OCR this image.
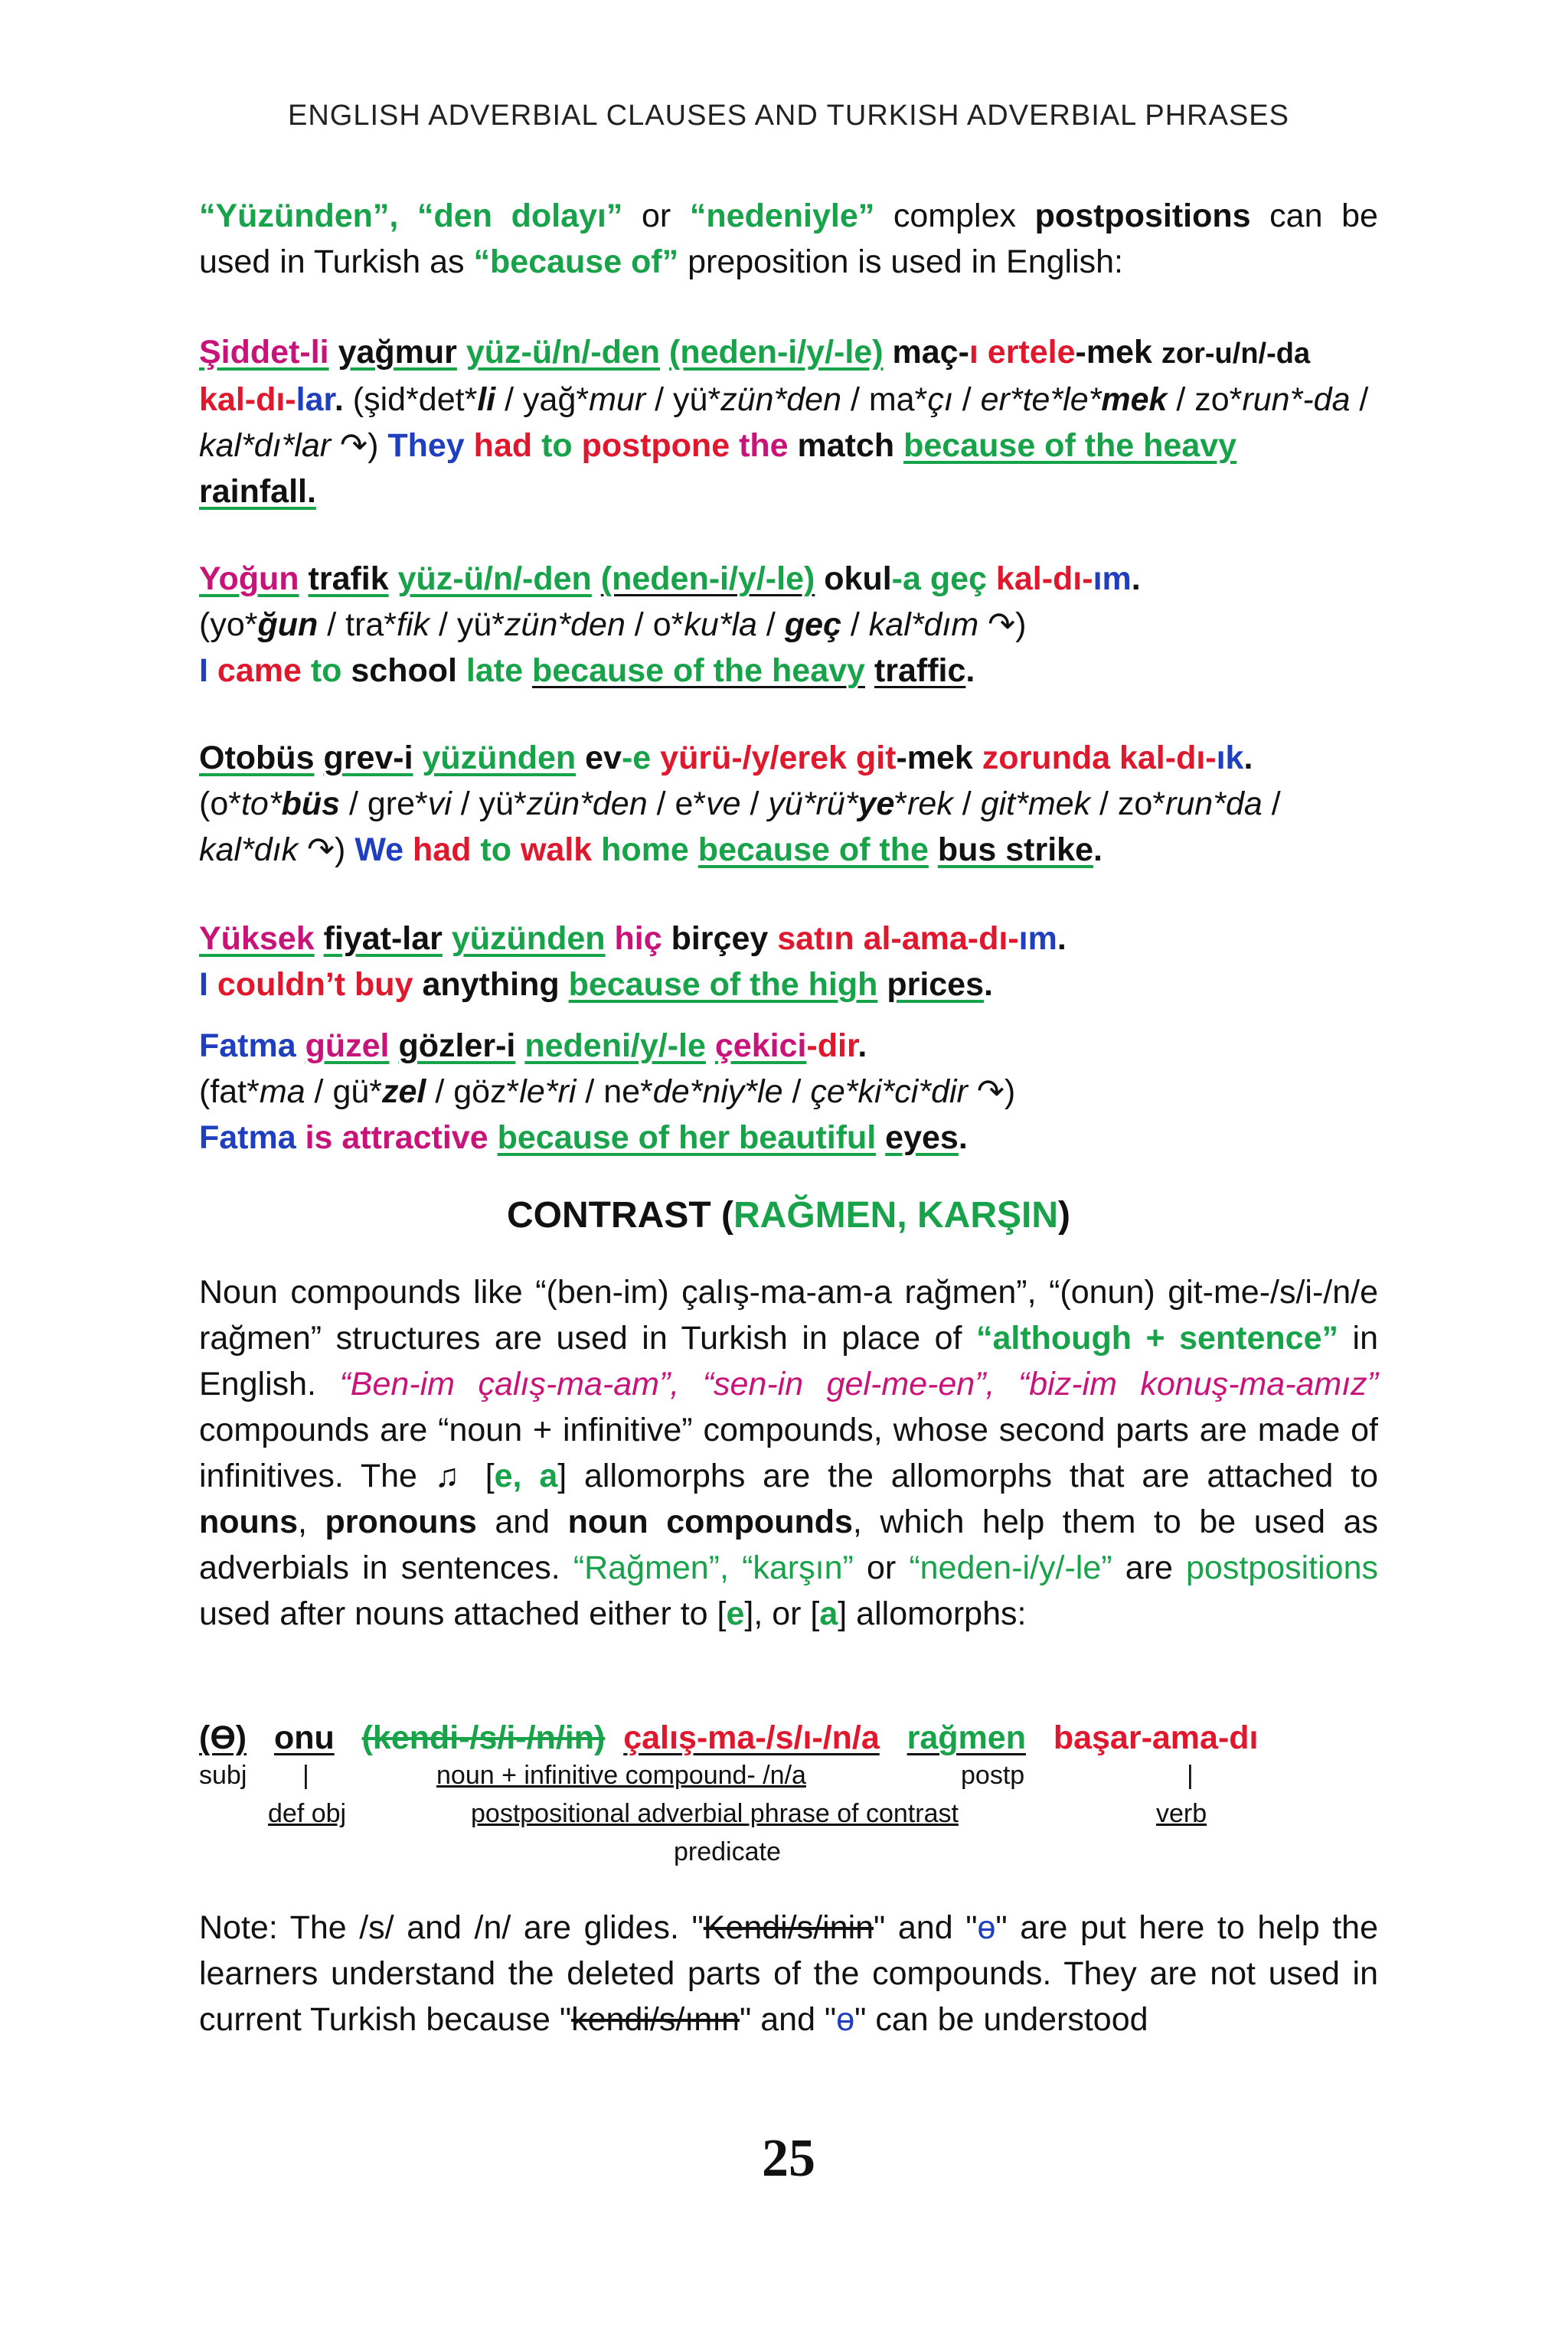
ENGLISH ADVERBIAL CLAUSES AND TURKISH ADVERBIAL PHRASES
“Yüzünden”, “den dolayı” or “nedeniyle” complex postpositions can be used in Turkish as “because of” preposition is used in English:
Şiddet-li yağmur yüz-ü/n/-den (neden-i/y/-le) maç-ı ertele-mek zor-u/n/-da
kal-dı-lar. (şid*det*li / yağ*mur / yü*zün*den / ma*çı / er*te*le*mek / zo*run*-da / kal*dı*lar ↷) They had to postpone the match because of the heavy
rainfall.
Yoğun trafik yüz-ü/n/-den (neden-i/y/-le) okul-a geç kal-dı-ım.
(yo*ğun / tra*fik / yü*zün*den / o*ku*la / geç / kal*dım ↷)
I came to school late because of the heavy traffic.
Otobüs grev-i yüzünden ev-e yürü-/y/erek git-mek zorunda kal-dı-ık.
(o*to*büs / gre*vi / yü*zün*den / e*ve / yü*rü*ye*rek / git*mek / zo*run*da /
kal*dık ↷) We had to walk home because of the bus strike.
Yüksek fiyat-lar yüzünden hiç birçey satın al-ama-dı-ım.
I couldn’t buy anything because of the high prices.
Fatma güzel gözler-i nedeni/y/-le çekici-dir.
(fat*ma / gü*zel / göz*le*ri / ne*de*niy*le / çe*ki*ci*dir ↷)
Fatma is attractive because of her beautiful eyes.
CONTRAST (RAĞMEN, KARŞIN)
Noun compounds like “(ben-im) çalış-ma-am-a rağmen”, “(onun) git-me-/s/i-/n/e rağmen” structures are used in Turkish in place of “although + sentence” in English. “Ben-im çalış-ma-am”, “sen-in gel-me-en”, “biz-im konuş-ma-amız” compounds are “noun + infinitive” compounds, whose second parts are made of infinitives. The ♫ [e, a] allomorphs are the allomorphs that are attached to nouns, pronouns and noun compounds, which help them to be used as adverbials in sentences. “Rağmen”, “karşın” or “neden-i/y/-le” are postpositions used after nouns attached either to [e], or [a] allomorphs:
(Ɵ) onu (kendi-/s/i-/n/in) çalış-ma-/s/ı-/n/a rağmen başar-ama-dı
subj |	noun + infinitive compound- /n/a	postp	|
def obj	postpositional adverbial phrase of contrast	verb
predicate
Note: The /s/ and /n/ are glides. "Kendi/s/inin" and "ɵ" are put here to help the learners understand the deleted parts of the compounds. They are not used in current Turkish because "kendi/s/ının" and "ɵ" can be understood
25
